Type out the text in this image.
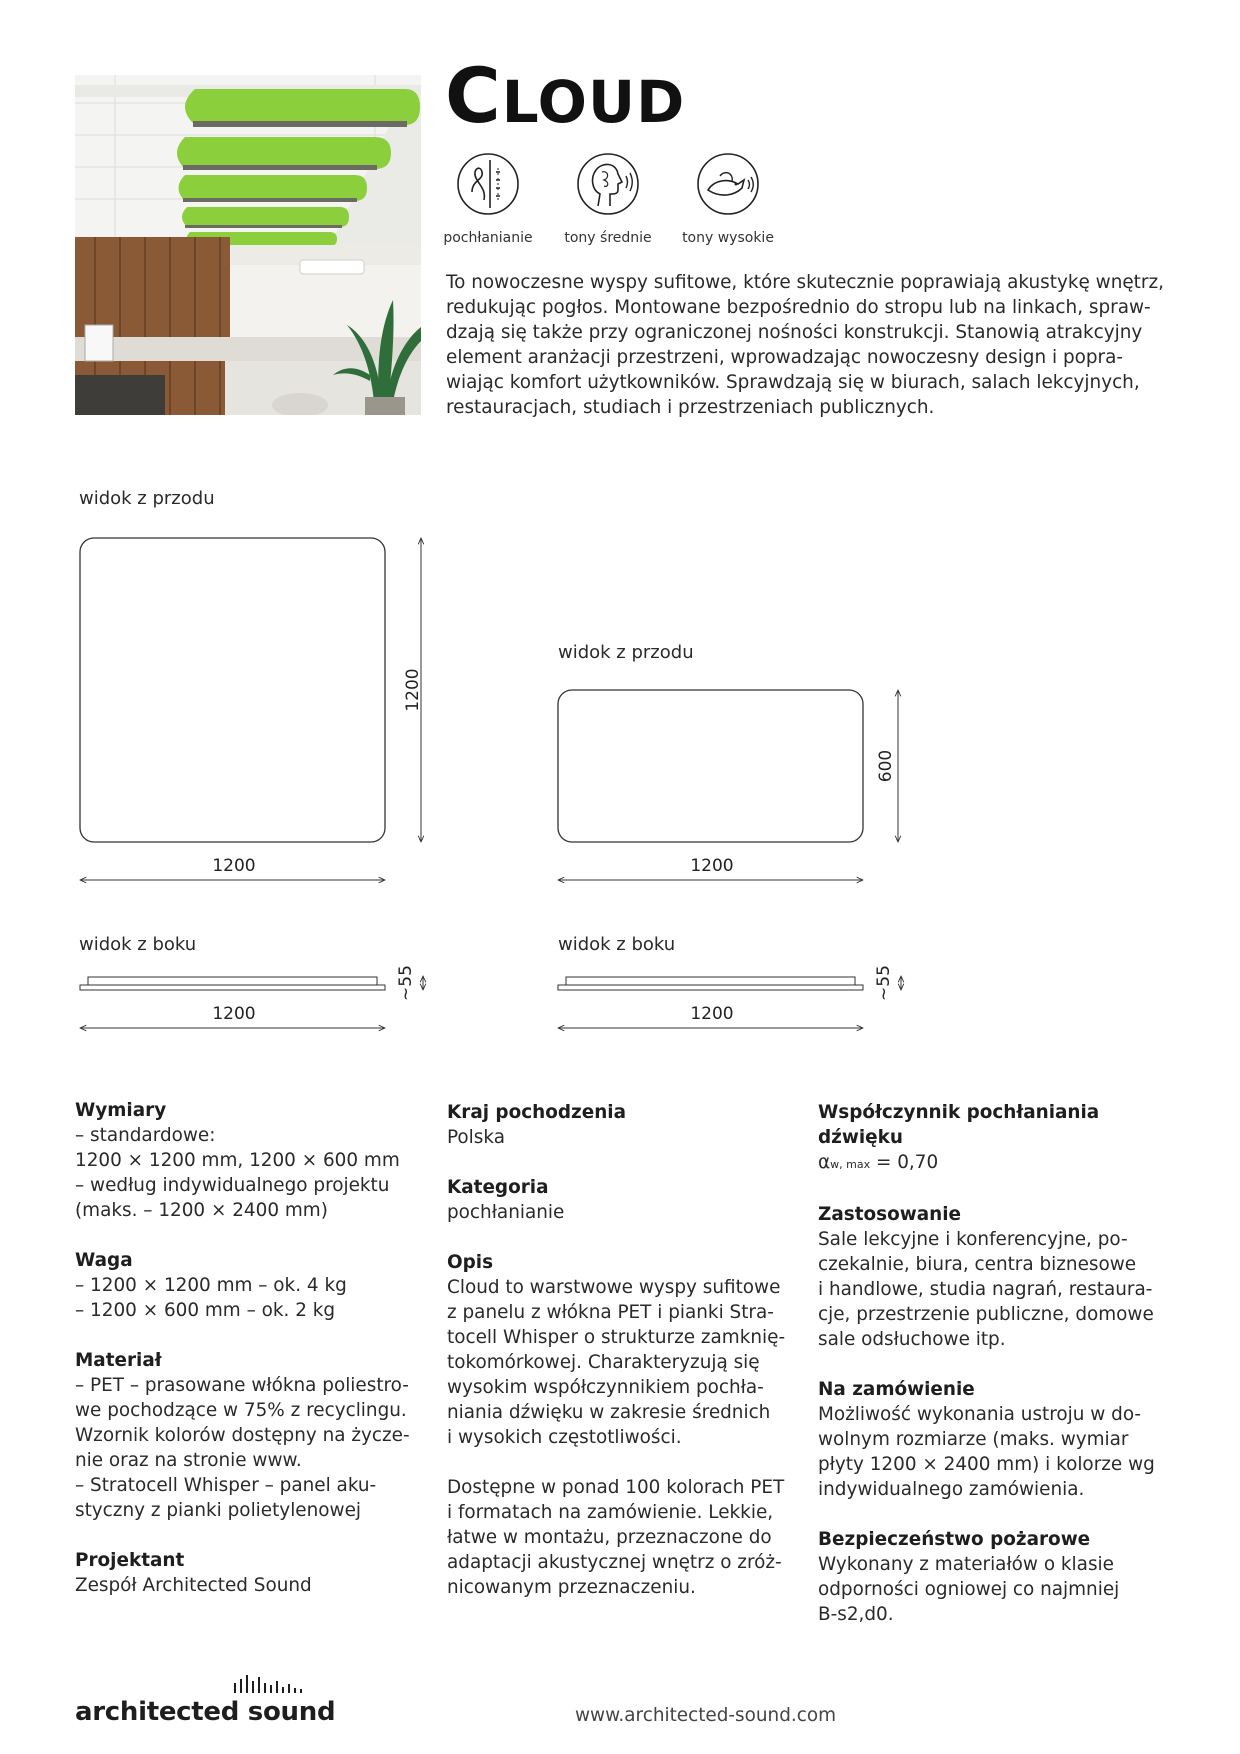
CLOUD
pochłanianie	tony średnie	tony wysokie

To nowoczesne wyspy sufitowe, które skutecznie poprawiają akustykę wnętrz,
redukując pogłos. Montowane bezpośrednio do stropu lub na linkach, spraw-
dzają się także przy ograniczonej nośności konstrukcji. Stanowią atrakcyjny
element aranżacji przestrzeni, wprowadzając nowoczesny design i popra-
wiając komfort użytkowników. Sprawdzają się w biurach, salach lekcyjnych,
restauracjach, studiach i przestrzeniach publicznych.

widok z przodu
widok z przodu
widok z boku	widok z boku
1200
1200
600
1200
~55
1200
~55
1200
Wymiary
– standardowe:
1200 × 1200 mm, 1200 × 600 mm
– według indywidualnego projektu
(maks. – 1200 × 2400 mm)
Waga
– 1200 × 1200 mm – ok. 4 kg
– 1200 × 600 mm – ok. 2 kg
Materiał
– PET – prasowane włókna poliestro-
we pochodzące w 75% z recyclingu.
Wzornik kolorów dostępny na życze-
nie oraz na stronie www.
– Stratocell Whisper – panel aku-
styczny z pianki polietylenowej
Projektant
Zespół Architected Sound
Kraj pochodzenia
Polska
Kategoria
pochłanianie
Opis
Cloud to warstwowe wyspy sufitowe
z panelu z włókna PET i pianki Stra-
tocell Whisper o strukturze zamknię-
tokomórkowej. Charakteryzują się
wysokim współczynnikiem pochła-
niania dźwięku w zakresie średnich
i wysokich częstotliwości.
Dostępne w ponad 100 kolorach PET
i formatach na zamówienie. Lekkie,
łatwe w montażu, przeznaczone do
adaptacji akustycznej wnętrz o zróż-
nicowanym przeznaczeniu.
Współczynnik pochłaniania
dźwięku
αw, max = 0,70
Zastosowanie
Sale lekcyjne i konferencyjne, po-
czekalnie, biura, centra biznesowe
i handlowe, studia nagrań, restaura-
cje, przestrzenie publiczne, domowe
sale odsłuchowe itp.
Na zamówienie
Możliwość wykonania ustroju w do-
wolnym rozmiarze (maks. wymiar
płyty 1200 × 2400 mm) i kolorze wg
indywidualnego zamówienia.
Bezpieczeństwo pożarowe
Wykonany z materiałów o klasie
odporności ogniowej co najmniej
B-s2,d0.
architected sound	www.architected-sound.com
